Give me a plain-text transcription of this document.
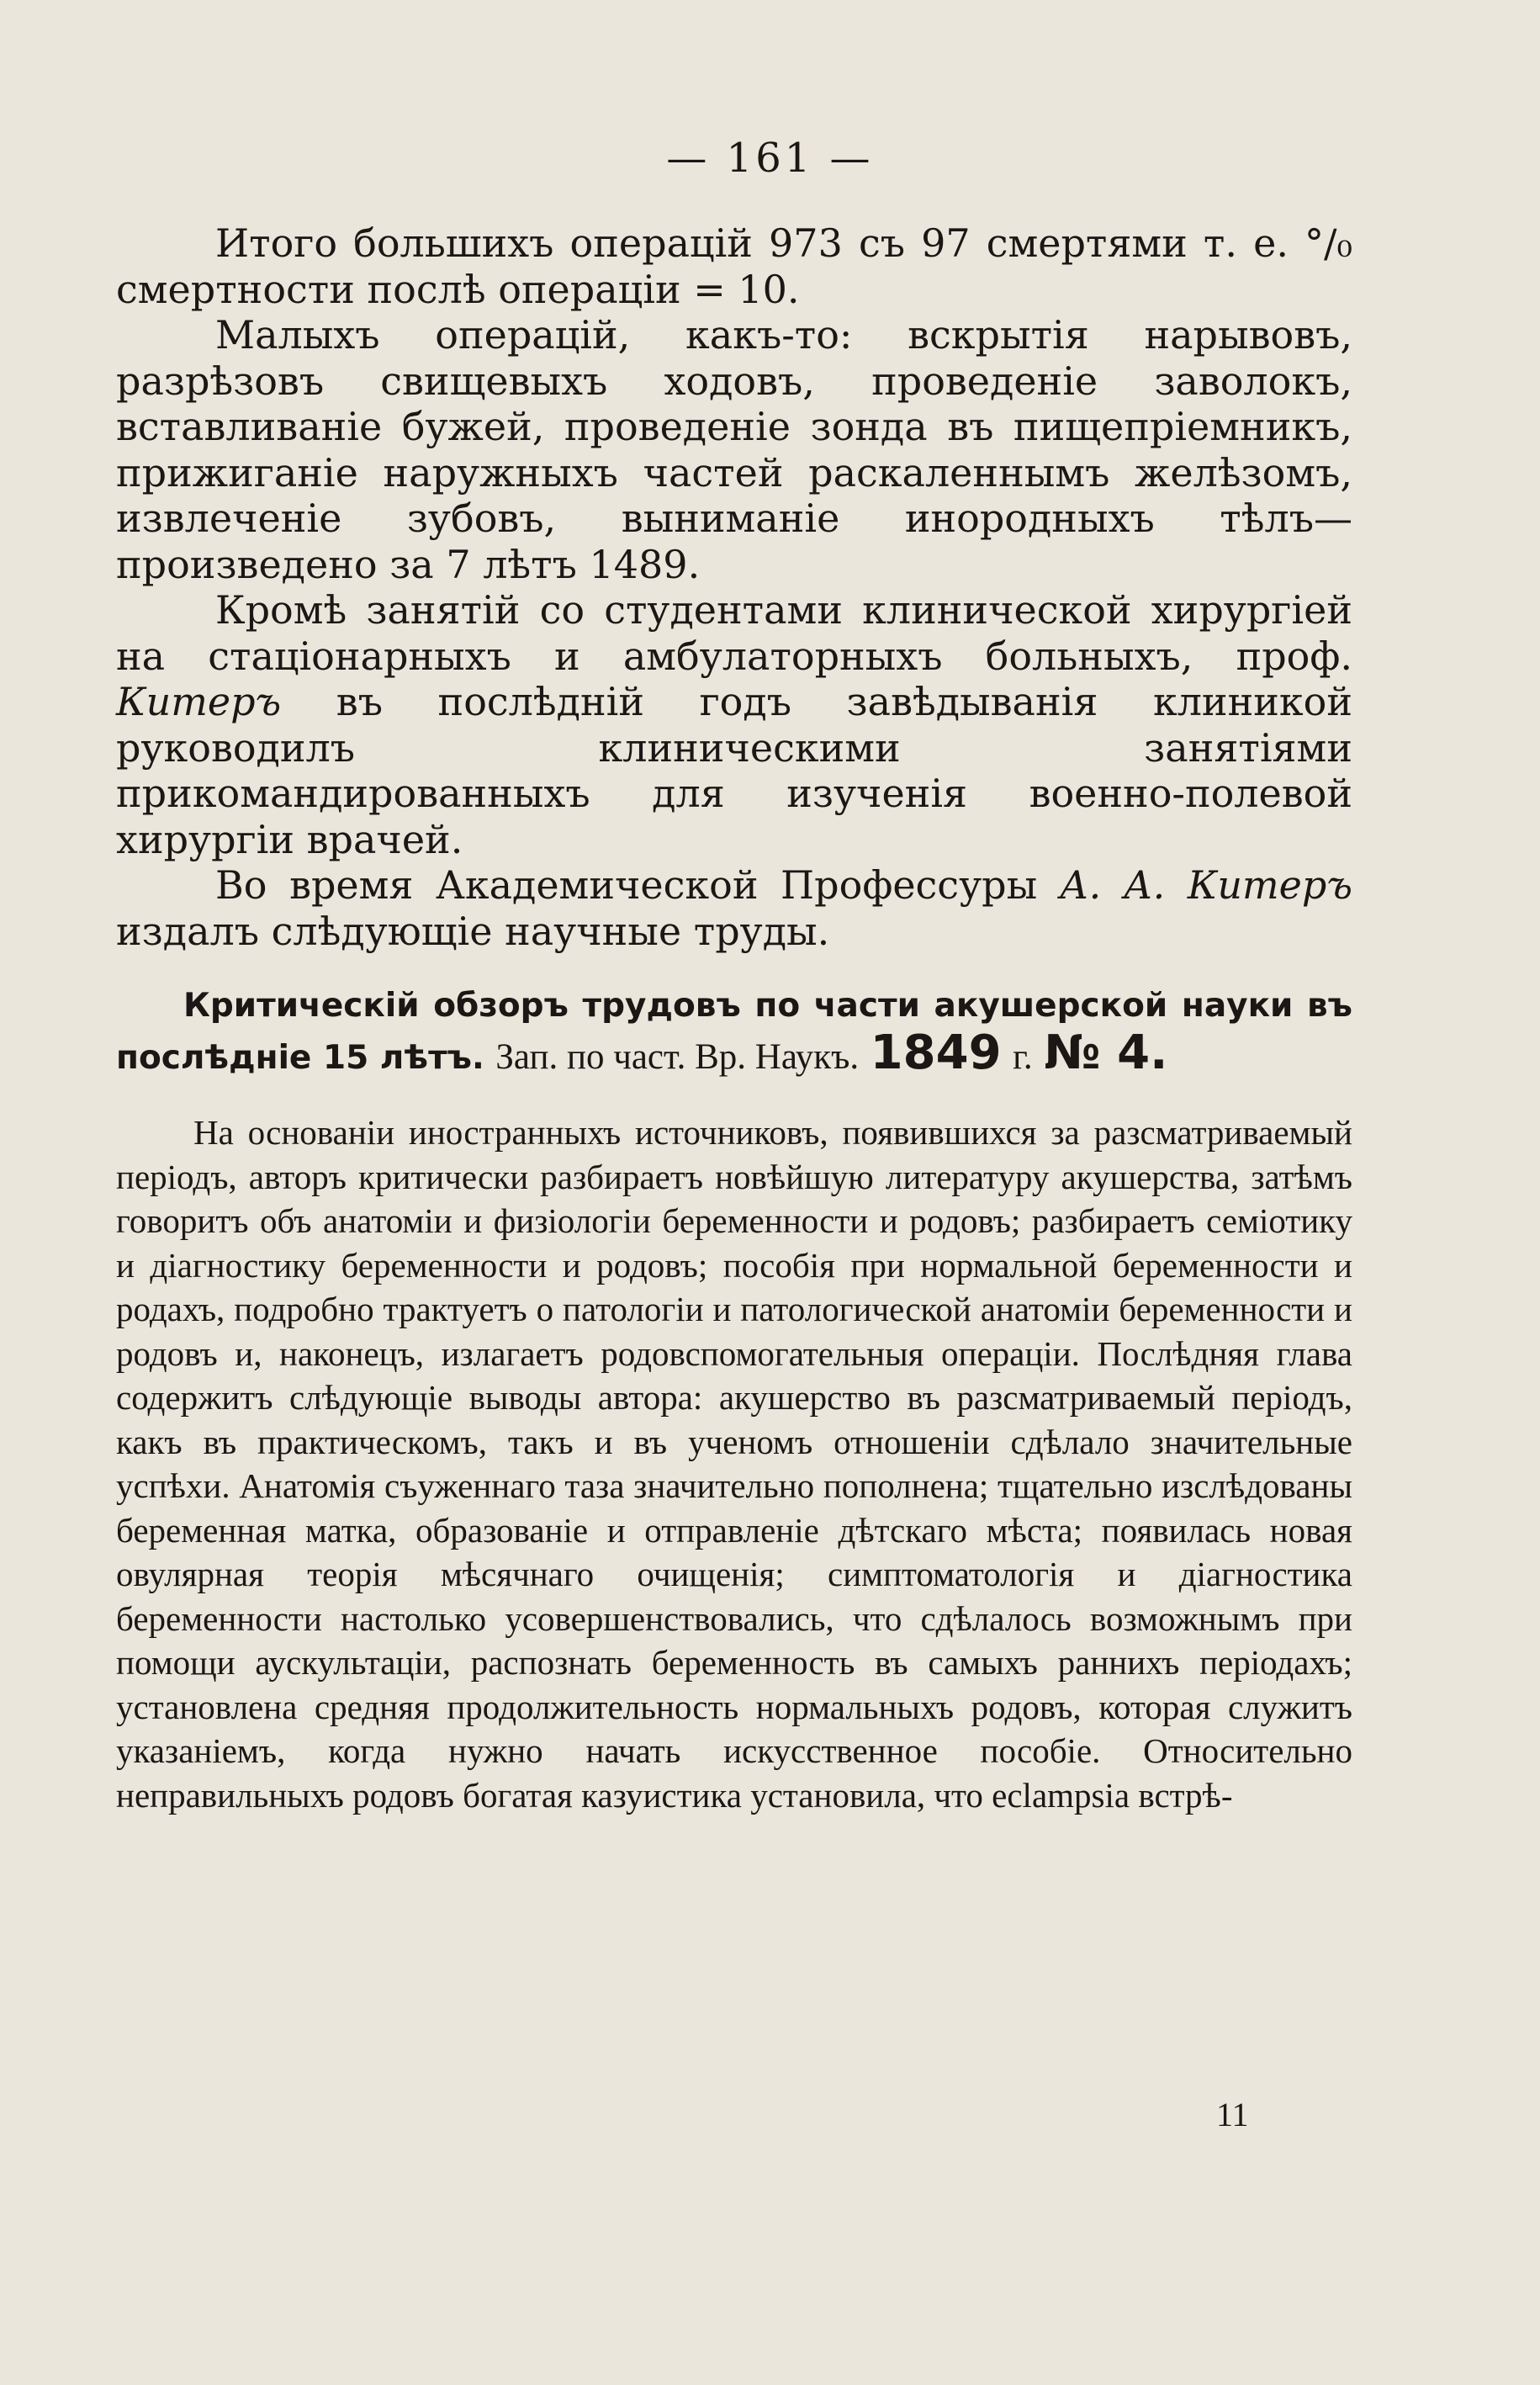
— 161 —

Итого большихъ операцій 973 съ 97 смертями т. е. °/₀ смертности послѣ операціи = 10.

Малыхъ операцій, какъ-то: вскрытія нарывовъ, разрѣзовъ свищевыхъ ходовъ, проведеніе заволокъ, вставливаніе бужей, проведеніе зонда въ пищепріемникъ, прижиганіе наружныхъ частей раскаленнымъ желѣзомъ, извлеченіе зубовъ, выниманіе инородныхъ тѣлъ—произведено за 7 лѣтъ 1489.

Кромѣ занятій со студентами клинической хирургіей на стаціонарныхъ и амбулаторныхъ больныхъ, проф. Китеръ въ послѣдній годъ завѣдыванія клиникой руководилъ клиническими занятіями прикомандированныхъ для изученія военно-полевой хирургіи врачей.

Во время Академической Профессуры А. А. Китеръ издалъ слѣдующіе научные труды.

Критическій обзоръ трудовъ по части акушерской науки въ послѣдніе 15 лѣтъ. Зап. по част. Вр. Наукъ. 1849 г. № 4.

На основаніи иностранныхъ источниковъ, появившихся за разсматриваемый періодъ, авторъ критически разбираетъ новѣйшую литературу акушерства, затѣмъ говоритъ объ анатоміи и физіологіи беременности и родовъ; разбираетъ семіотику и діагностику беременности и родовъ; пособія при нормальной беременности и родахъ, подробно трактуетъ о патологіи и патологической анатоміи беременности и родовъ и, наконецъ, излагаетъ родовспомогательныя операціи. Послѣдняя глава содержитъ слѣдующіе выводы автора: акушерство въ разсматриваемый періодъ, какъ въ практическомъ, такъ и въ ученомъ отношеніи сдѣлало значительные успѣхи. Анатомія съуженнаго таза значительно пополнена; тщательно изслѣдованы беременная матка, образованіе и отправленіе дѣтскаго мѣста; появилась новая овулярная теорія мѣсячнаго очищенія; симптоматологія и діагностика беременности настолько усовершенствовались, что сдѣлалось возможнымъ при помощи аускультаціи, распознать беременность въ самыхъ раннихъ періодахъ; установлена средняя продолжительность нормальныхъ родовъ, которая служитъ указаніемъ, когда нужно начать искусственное пособіе. Относительно неправильныхъ родовъ богатая казуистика установила, что eclampsia встрѣ-

11
